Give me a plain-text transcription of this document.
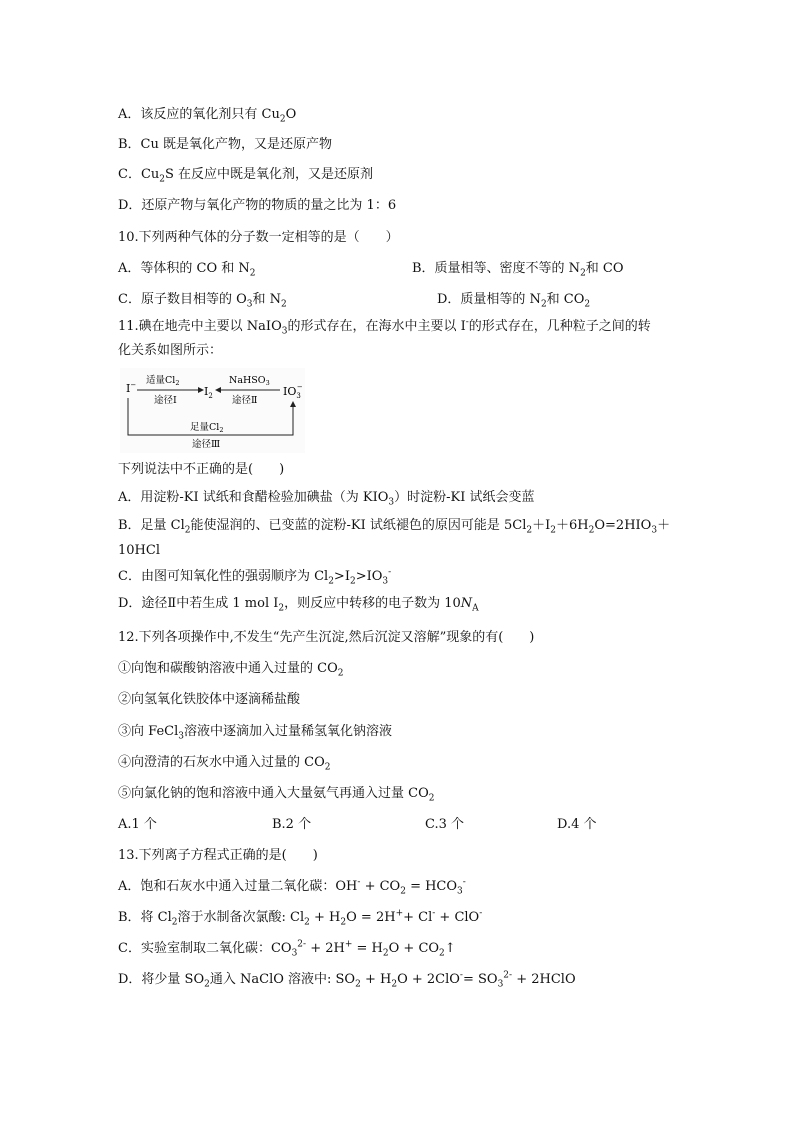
A．该反应的氧化剂只有 $Cu_2O$
B．Cu 既是氧化产物，又是还原产物
C．$Cu_2S$ 在反应中既是氧化剂，又是还原剂
D．还原产物与氧化产物的物质的量之比为 1：6
10.下列两种气体的分子数一定相等的是（　　）
A．等体积的 CO 和 $N_2$	B．质量相等、密度不等的 $N_2$和 CO
C．原子数目相等的 $O_3$和 $N_2$	D．质量相等的 $N_2$和 $CO_2$
11.碘在地壳中主要以 NaIO$_3$的形式存在，在海水中主要以 I-的形式存在，几种粒子之间的转
化关系如图所示：
I−	$I_2$	$IO_3-$
适量$Cl_2$
途径Ⅰ
NaHSO$_3$
途径Ⅱ
足量$Cl_2$
途径Ⅲ
下列说法中不正确的是(　　)
A．用淀粉-KI 试纸和食醋检验加碘盐（为 $KIO_3$）时淀粉-KI 试纸会变蓝
B．足量 $Cl_2$能使湿润的、已变蓝的淀粉-KI 试纸褪色的原因可能是 $5Cl_2+I_2+6H_2O=2HIO_3+$
10HCl
C．由图可知氧化性的强弱顺序为 $Cl_2>I_2>IO_3^-$
D．途径Ⅱ中若生成 1 mol $I_2$，则反应中转移的电子数为 $10N_A$
12.下列各项操作中,不发生“先产生沉淀,然后沉淀又溶解”现象的有(　　)
①向饱和碳酸钠溶液中通入过量的 $CO_2$
②向氢氧化铁胶体中逐滴稀盐酸
③向 FeCl$_3$溶液中逐滴加入过量稀氢氧化钠溶液
④向澄清的石灰水中通入过量的 $CO_2$
⑤向氯化钠的饱和溶液中通入大量氨气再通入过量 $CO_2$
A.1 个	B.2 个	C.3 个	D.4 个
13.下列离子方程式正确的是(　　)
A．饱和石灰水中通入过量二氧化碳：$OH^- + CO_2 = HCO_3^-$
B．将 $Cl_2$溶于水制备次氯酸: $Cl_2 + H_2O = 2H^++ Cl^- + ClO^-$
C．实验室制取二氧化碳：$CO_3^{2-} + 2H^+ = H_2O$ + $CO_2↑$
D．将少量 $SO_2$通入 NaClO 溶液中: $SO_2 + H_2O + 2ClO^-= SO_3^{2-}$ + 2HClO
